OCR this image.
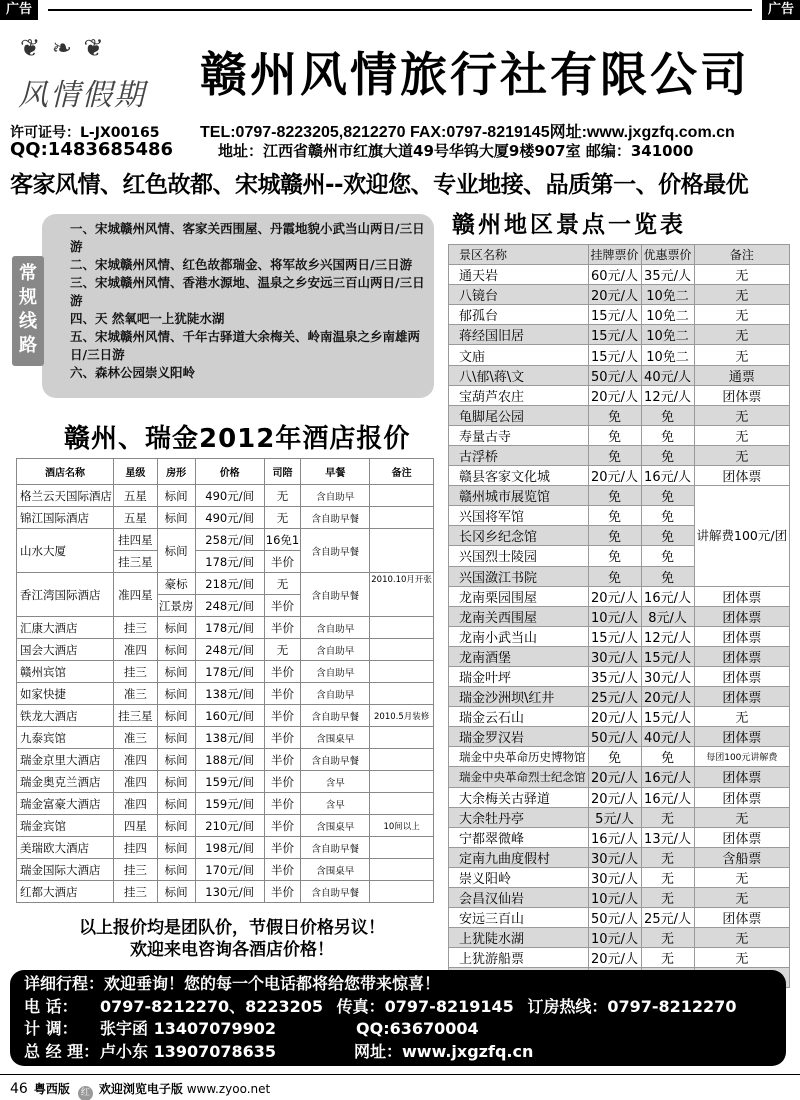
广告	广告
❦ ❧ ❦
风情假期 赣州风情旅行社有限公司
许可证号：L-JX00165
QQ:1483685486
TEL:0797-8223205,8212270 FAX:0797-8219145网址:www.jxgzfq.com.cn
地址：江西省赣州市红旗大道49号华钨大厦9楼907室 邮编：341000
客家风情、红色故都、宋城赣州--欢迎您、专业地接、品质第一、价格最优
一、宋城赣州风情、客家关西围屋、丹霞地貌小武当山两日/三日游
二、宋城赣州风情、红色故都瑞金、将军故乡兴国两日/三日游
三、宋城赣州风情、香港水源地、温泉之乡安远三百山两日/三日游
四、天 然氧吧一上犹陡水湖
五、宋城赣州风情、千年古驿道大余梅关、岭南温泉之乡南雄两日/三日游
六、森林公园崇义阳岭
常规线路
赣州、瑞金2012年酒店报价
酒店名称	星级	房形	价格	司陪	早餐	备注
格兰云天国际酒店	五星	标间	490元/间	无	含自助早	
锦江国际酒店	五星	标间	490元/间	无	含自助早餐	
山水大厦	挂四星	标间	258元/间	16免1	含自助早餐	
	挂三星		178元/间	半价		
香江湾国际酒店	准四星	豪标	218元/间	无	含自助早餐	2010.10月开张
		江景房	248元/间	半价		
汇康大酒店	挂三	标间	178元/间	半价	含自助早	
国会大酒店	准四	标间	248元/间	无	含自助早	
赣州宾馆	挂三	标间	178元/间	半价	含自助早	
如家快捷	准三	标间	138元/间	半价	含自助早	
铁龙大酒店	挂三星	标间	160元/间	半价	含自助早餐	2010.5月装修
九泰宾馆	准三	标间	138元/间	半价	含围桌早	
瑞金京里大酒店	准四	标间	188元/间	半价	含自助早餐	
瑞金奥克兰酒店	准四	标间	159元/间	半价	含早	
瑞金富豪大酒店	准四	标间	159元/间	半价	含早	
瑞金宾馆	四星	标间	210元/间	半价	含围桌早	10间以上
美瑞欧大酒店	挂四	标间	198元/间	半价	含自助早餐	
瑞金国际大酒店	挂三	标间	170元/间	半价	含围桌早	
红都大酒店	挂三	标间	130元/间	半价	含自助早餐	
以上报价均是团队价，节假日价格另议！
欢迎来电咨询各酒店价格！
赣州地区景点一览表
景区名称	挂牌票价	优惠票价	备注
通天岩	60元/人	35元/人	无
八镜台	20元/人	10免二	无
郁孤台	15元/人	10免二	无
蒋经国旧居	15元/人	10免二	无
文庙	15元/人	10免二	无
八\郁\蒋\文	50元/人	40元/人	通票
宝葫芦农庄	20元/人	12元/人	团体票
龟脚尾公园	免	免	无
寿量古寺	免	免	无
古浮桥	免	免	无
赣县客家文化城	20元/人	16元/人	团体票
赣州城市展览馆	免	免	讲解费100元/团
兴国将军馆	免	免	
长冈乡纪念馆	免	免	
兴国烈士陵园	免	免	
兴国潋江书院	免	免	
龙南栗园围屋	20元/人	16元/人	团体票
龙南关西围屋	10元/人	8元/人	团体票
龙南小武当山	15元/人	12元/人	团体票
龙南酒堡	30元/人	15元/人	团体票
瑞金叶坪	35元/人	30元/人	团体票
瑞金沙洲坝\红井	25元/人	20元/人	团体票
瑞金云石山	20元/人	15元/人	无
瑞金罗汉岩	50元/人	40元/人	团体票
瑞金中央革命历史博物馆	免	免	每团100元讲解费
瑞金中央革命烈士纪念馆	20元/人	16元/人	团体票
大余梅关古驿道	20元/人	16元/人	团体票
大余牡丹亭	5元/人	无	无
宁都翠微峰	16元/人	13元/人	团体票
定南九曲度假村	30元/人	无	含船票
崇义阳岭	30元/人	无	无
会昌汉仙岩	10元/人	无	无
安远三百山	50元/人	25元/人	团体票
上犹陡水湖	10元/人	无	无
上犹游船票	20元/人	无	无

详细行程：欢迎垂询！您的每一个电话都将给您带来惊喜！
电 话： 0797-8212270、8223205 传真：0797-8219145 订房热线：0797-8212270
计 调： 张宇函 13407079902	QQ:63670004
总 经 理：卢小东 13907078635	网址：www.jxgzfq.cn
46 粤西版 红 欢迎浏览电子版 www.zyoo.net
